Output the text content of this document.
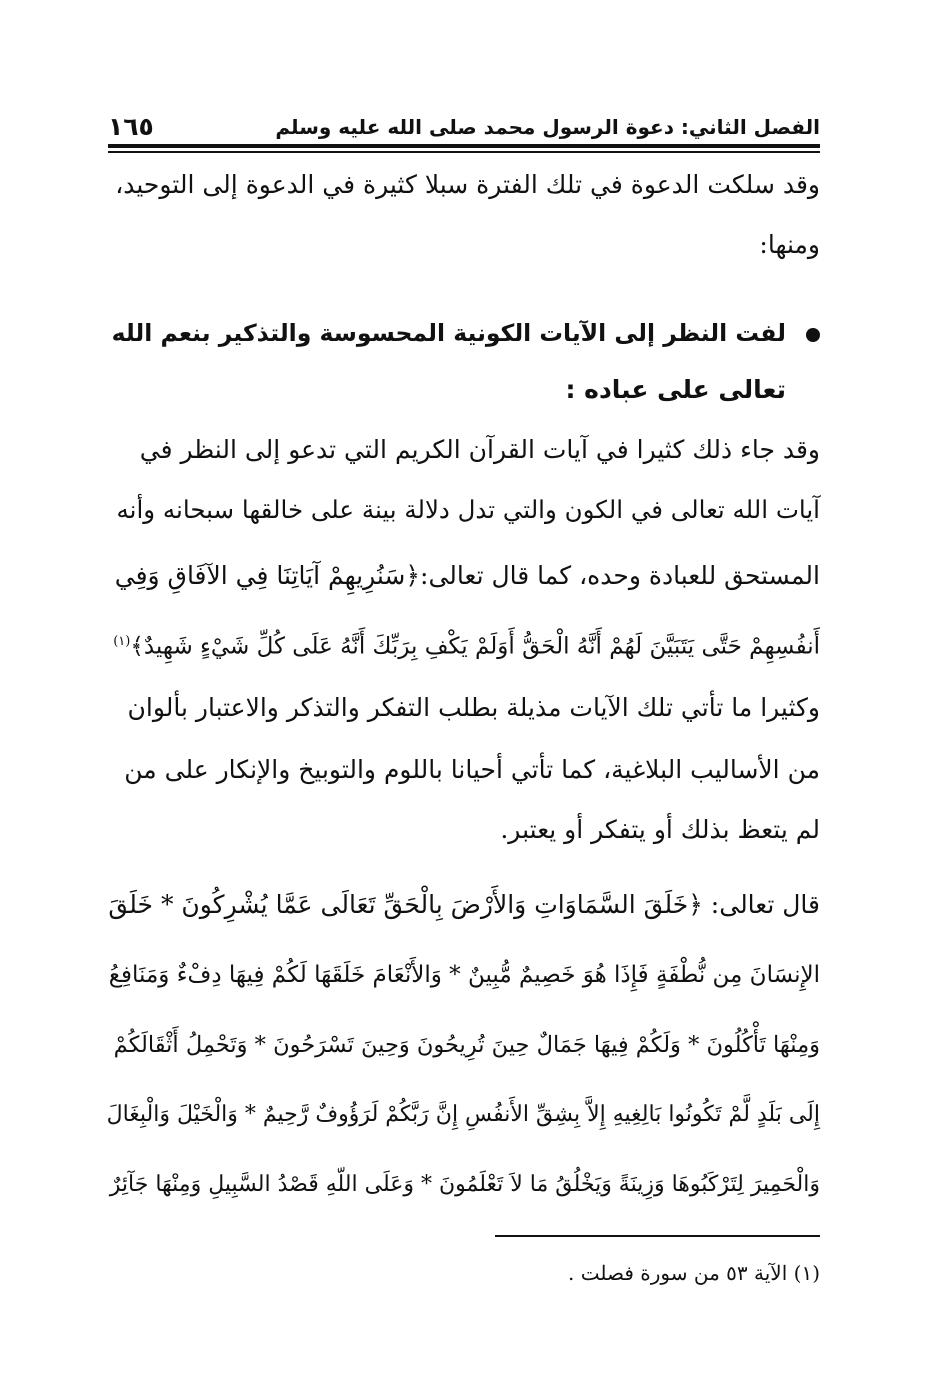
الفصل الثاني: دعوة الرسول محمد صلى الله عليه وسلم
١٦٥
وقد سلكت الدعوة في تلك الفترة سبلا كثيرة في الدعوة إلى التوحيد،
ومنها:
لفت النظر إلى الآيات الكونية المحسوسة والتذكير بنعم الله
تعالى على عباده :
وقد جاء ذلك كثيرا في آيات القرآن الكريم التي تدعو إلى النظر في
آيات الله تعالى في الكون والتي تدل دلالة بينة على خالقها سبحانه وأنه
المستحق للعبادة وحده، كما قال تعالى:﴿سَنُرِيهِمْ آيَاتِنَا فِي الآفَاقِ وَفِي
أَنفُسِهِمْ حَتَّى يَتَبَيَّنَ لَهُمْ أَنَّهُ الْحَقُّ أَوَلَمْ يَكْفِ بِرَبِّكَ أَنَّهُ عَلَى كُلِّ شَيْءٍ شَهِيدٌ﴾$^{(١)}$
وكثيرا ما تأتي تلك الآيات مذيلة بطلب التفكر والتذكر والاعتبار بألوان
من الأساليب البلاغية، كما تأتي أحيانا باللوم والتوبيخ والإنكار على من
لم يتعظ بذلك أو يتفكر أو يعتبر.
قال تعالى: ﴿خَلَقَ السَّمَاوَاتِ وَالأَرْضَ بِالْحَقِّ تَعَالَى عَمَّا يُشْرِكُونَ * خَلَقَ
الإِنسَانَ مِن نُّطْفَةٍ فَإِذَا هُوَ خَصِيمٌ مُّبِينٌ * وَالأَنْعَامَ خَلَقَهَا لَكُمْ فِيهَا دِفْءٌ وَمَنَافِعُ
وَمِنْهَا تَأْكُلُونَ * وَلَكُمْ فِيهَا جَمَالٌ حِينَ تُرِيحُونَ وَحِينَ تَسْرَحُونَ * وَتَحْمِلُ أَثْقَالَكُمْ
إِلَى بَلَدٍ لَّمْ تَكُونُوا بَالِغِيهِ إِلاَّ بِشِقِّ الأَنفُسِ إِنَّ رَبَّكُمْ لَرَؤُوفٌ رَّحِيمٌ * وَالْخَيْلَ وَالْبِغَالَ
وَالْحَمِيرَ لِتَرْكَبُوهَا وَزِينَةً وَيَخْلُقُ مَا لاَ تَعْلَمُونَ * وَعَلَى اللّهِ قَصْدُ السَّبِيلِ وَمِنْهَا جَآئِرٌ
(١) الآية ٥٣ من سورة فصلت .
